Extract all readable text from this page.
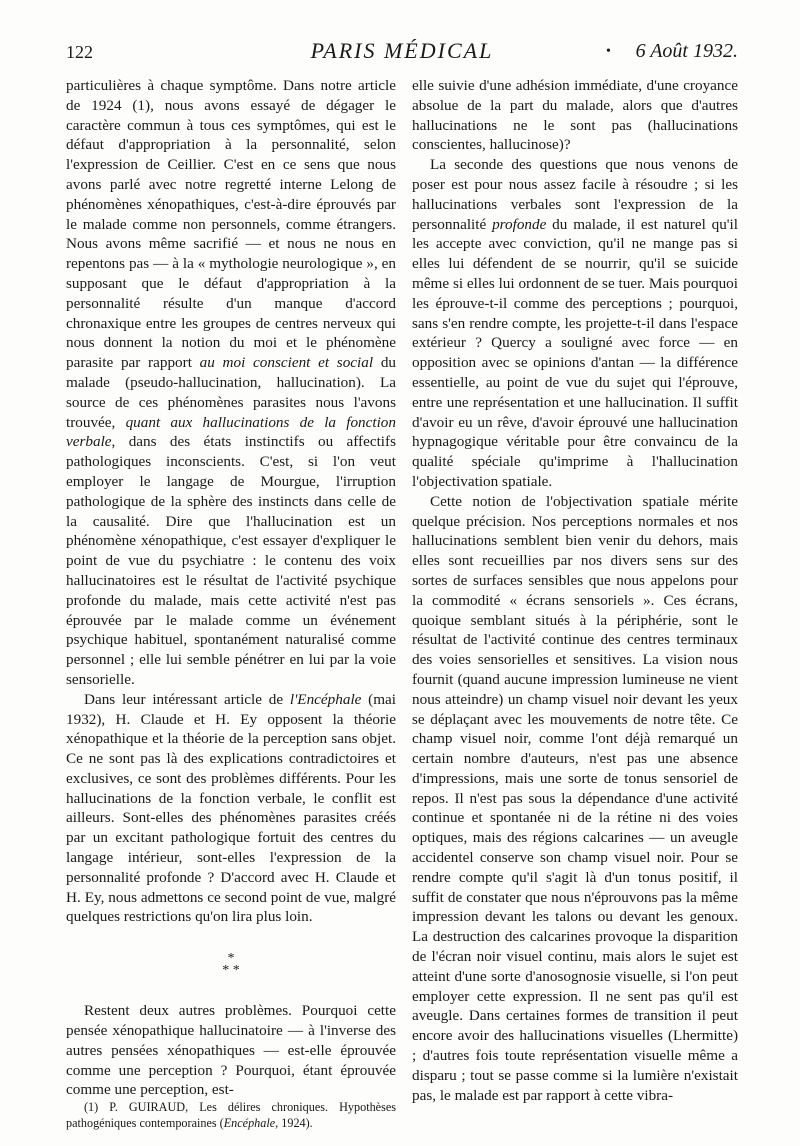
122	PARIS MÉDICAL	• 6 Août 1932.

particulières à chaque symptôme. Dans notre article de 1924 (1), nous avons essayé de dégager le caractère commun à tous ces symptômes, qui est le défaut d'appropriation à la personnalité, selon l'expression de Ceillier. C'est en ce sens que nous avons parlé avec notre regretté interne Lelong de phénomènes xénopathiques, c'est-à-dire éprouvés par le malade comme non personnels, comme étrangers. Nous avons même sacrifié — et nous ne nous en repentons pas — à la « mythologie neurologique », en supposant que le défaut d'appropriation à la personnalité résulte d'un manque d'accord chronaxique entre les groupes de centres nerveux qui nous donnent la notion du moi et le phénomène parasite par rapport au moi conscient et social du malade (pseudo-hallucination, hallucination). La source de ces phénomènes parasites nous l'avons trouvée, quant aux hallucinations de la fonction verbale, dans des états instinctifs ou affectifs pathologiques inconscients. C'est, si l'on veut employer le langage de Mourgue, l'irruption pathologique de la sphère des instincts dans celle de la causalité. Dire que l'hallucination est un phénomène xénopathique, c'est essayer d'expliquer le point de vue du psychiatre : le contenu des voix hallucinatoires est le résultat de l'activité psychique profonde du malade, mais cette activité n'est pas éprouvée par le malade comme un événement psychique habituel, spontanément naturalisé comme personnel ; elle lui semble pénétrer en lui par la voie sensorielle.

Dans leur intéressant article de l'Encéphale (mai 1932), H. Claude et H. Ey opposent la théorie xénopathique et la théorie de la perception sans objet. Ce ne sont pas là des explications contradictoires et exclusives, ce sont des problèmes différents. Pour les hallucinations de la fonction verbale, le conflit est ailleurs. Sont-elles des phénomènes parasites créés par un excitant pathologique fortuit des centres du langage intérieur, sont-elles l'expression de la personnalité profonde ? D'accord avec H. Claude et H. Ey, nous admettons ce second point de vue, malgré quelques restrictions qu'on lira plus loin.

*
* *

Restent deux autres problèmes. Pourquoi cette pensée xénopathique hallucinatoire — à l'inverse des autres pensées xénopathiques — est-elle éprouvée comme une perception ? Pourquoi, étant éprouvée comme une perception, est-

(1) P. GUIRAUD, Les délires chroniques. Hypothèses pathogéniques contemporaines (Encéphale, 1924).

elle suivie d'une adhésion immédiate, d'une croyance absolue de la part du malade, alors que d'autres hallucinations ne le sont pas (hallucinations conscientes, hallucinose)?

La seconde des questions que nous venons de poser est pour nous assez facile à résoudre ; si les hallucinations verbales sont l'expression de la personnalité profonde du malade, il est naturel qu'il les accepte avec conviction, qu'il ne mange pas si elles lui défendent de se nourrir, qu'il se suicide même si elles lui ordonnent de se tuer. Mais pourquoi les éprouve-t-il comme des perceptions ; pourquoi, sans s'en rendre compte, les projette-t-il dans l'espace extérieur ? Quercy a souligné avec force — en opposition avec se opinions d'antan — la différence essentielle, au point de vue du sujet qui l'éprouve, entre une représentation et une hallucination. Il suffit d'avoir eu un rêve, d'avoir éprouvé une hallucination hypnagogique véritable pour être convaincu de la qualité spéciale qu'imprime à l'hallucination l'objectivation spatiale.

Cette notion de l'objectivation spatiale mérite quelque précision. Nos perceptions normales et nos hallucinations semblent bien venir du dehors, mais elles sont recueillies par nos divers sens sur des sortes de surfaces sensibles que nous appelons pour la commodité « écrans sensoriels ». Ces écrans, quoique semblant situés à la périphérie, sont le résultat de l'activité continue des centres terminaux des voies sensorielles et sensitives. La vision nous fournit (quand aucune impression lumineuse ne vient nous atteindre) un champ visuel noir devant les yeux se déplaçant avec les mouvements de notre tête. Ce champ visuel noir, comme l'ont déjà remarqué un certain nombre d'auteurs, n'est pas une absence d'impressions, mais une sorte de tonus sensoriel de repos. Il n'est pas sous la dépendance d'une activité continue et spontanée ni de la rétine ni des voies optiques, mais des régions calcarines — un aveugle accidentel conserve son champ visuel noir. Pour se rendre compte qu'il s'agit là d'un tonus positif, il suffit de constater que nous n'éprouvons pas la même impression devant les talons ou devant les genoux. La destruction des calcarines provoque la disparition de l'écran noir visuel continu, mais alors le sujet est atteint d'une sorte d'anosognosie visuelle, si l'on peut employer cette expression. Il ne sent pas qu'il est aveugle. Dans certaines formes de transition il peut encore avoir des hallucinations visuelles (Lhermitte) ; d'autres fois toute représentation visuelle même a disparu ; tout se passe comme si la lumière n'existait pas, le malade est par rapport à cette vibra-
